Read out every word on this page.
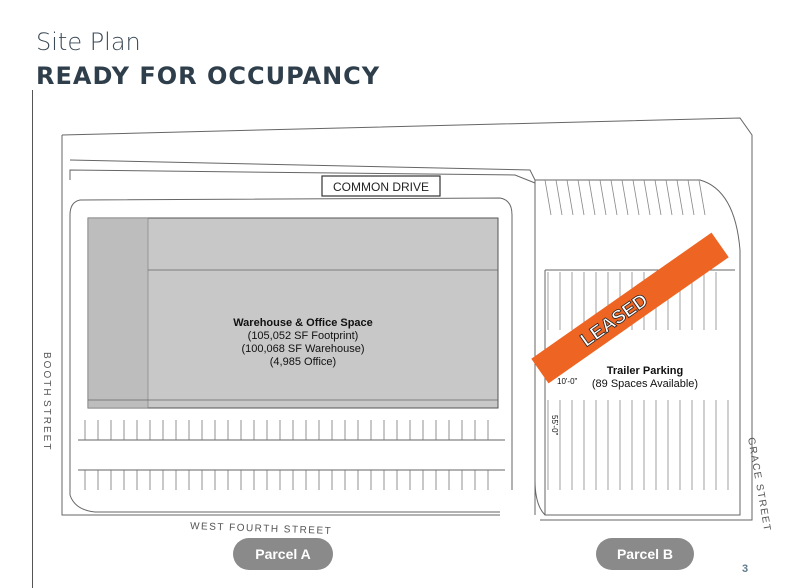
Site Plan
READY FOR OCCUPANCY
COMMON DRIVE
Warehouse & Office Space
(105,052 SF Footprint)
(100,068 SF Warehouse)
(4,985 Office)
LEASED
Trailer Parking
(89 Spaces Available)
10'-0"
55'-0"
BOOTH
STREET
WEST FOURTH STREET	GRACE STREET
Parcel A	Parcel B
3
